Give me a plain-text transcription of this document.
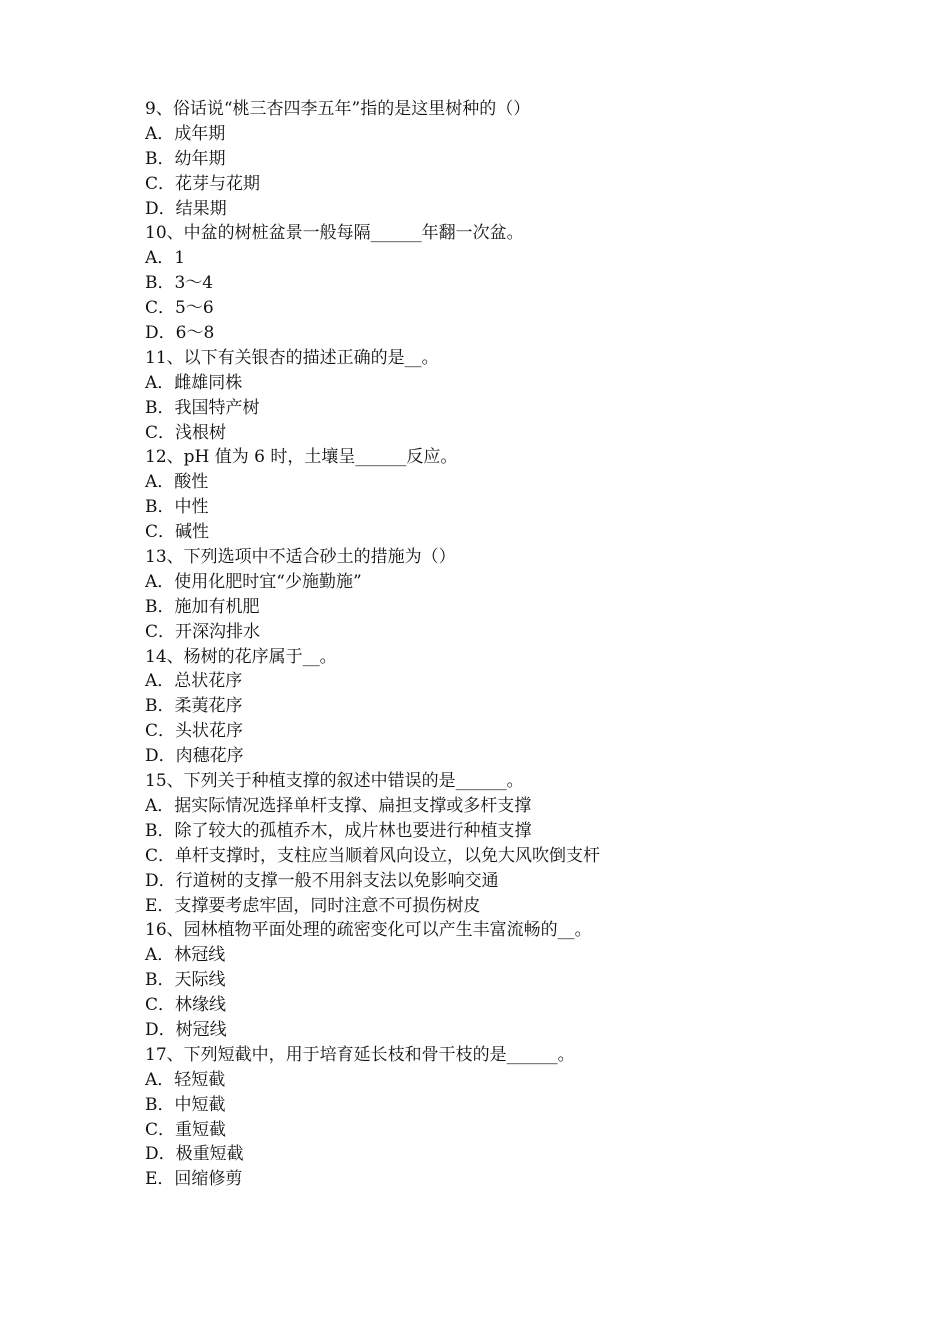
9、俗话说“桃三杏四李五年”指的是这里树种的（）
A．成年期
B．幼年期
C．花芽与花期
D．结果期
10、中盆的树桩盆景一般每隔______年翻一次盆。
A．1
B．3～4
C．5～6
D．6～8
11、以下有关银杏的描述正确的是__。
A．雌雄同株
B．我国特产树
C．浅根树
12、pH 值为 6 时，土壤呈______反应。
A．酸性
B．中性
C．碱性
13、下列选项中不适合砂土的措施为（）
A．使用化肥时宜“少施勤施”
B．施加有机肥
C．开深沟排水
14、杨树的花序属于__。
A．总状花序
B．柔荑花序
C．头状花序
D．肉穗花序
15、下列关于种植支撑的叙述中错误的是______。
A．据实际情况选择单杆支撑、扁担支撑或多杆支撑
B．除了较大的孤植乔木，成片林也要进行种植支撑
C．单杆支撑时，支柱应当顺着风向设立，以免大风吹倒支杆
D．行道树的支撑一般不用斜支法以免影响交通
E．支撑要考虑牢固，同时注意不可损伤树皮
16、园林植物平面处理的疏密变化可以产生丰富流畅的__。
A．林冠线
B．天际线
C．林缘线
D．树冠线
17、下列短截中，用于培育延长枝和骨干枝的是______。
A．轻短截
B．中短截
C．重短截
D．极重短截
E．回缩修剪
